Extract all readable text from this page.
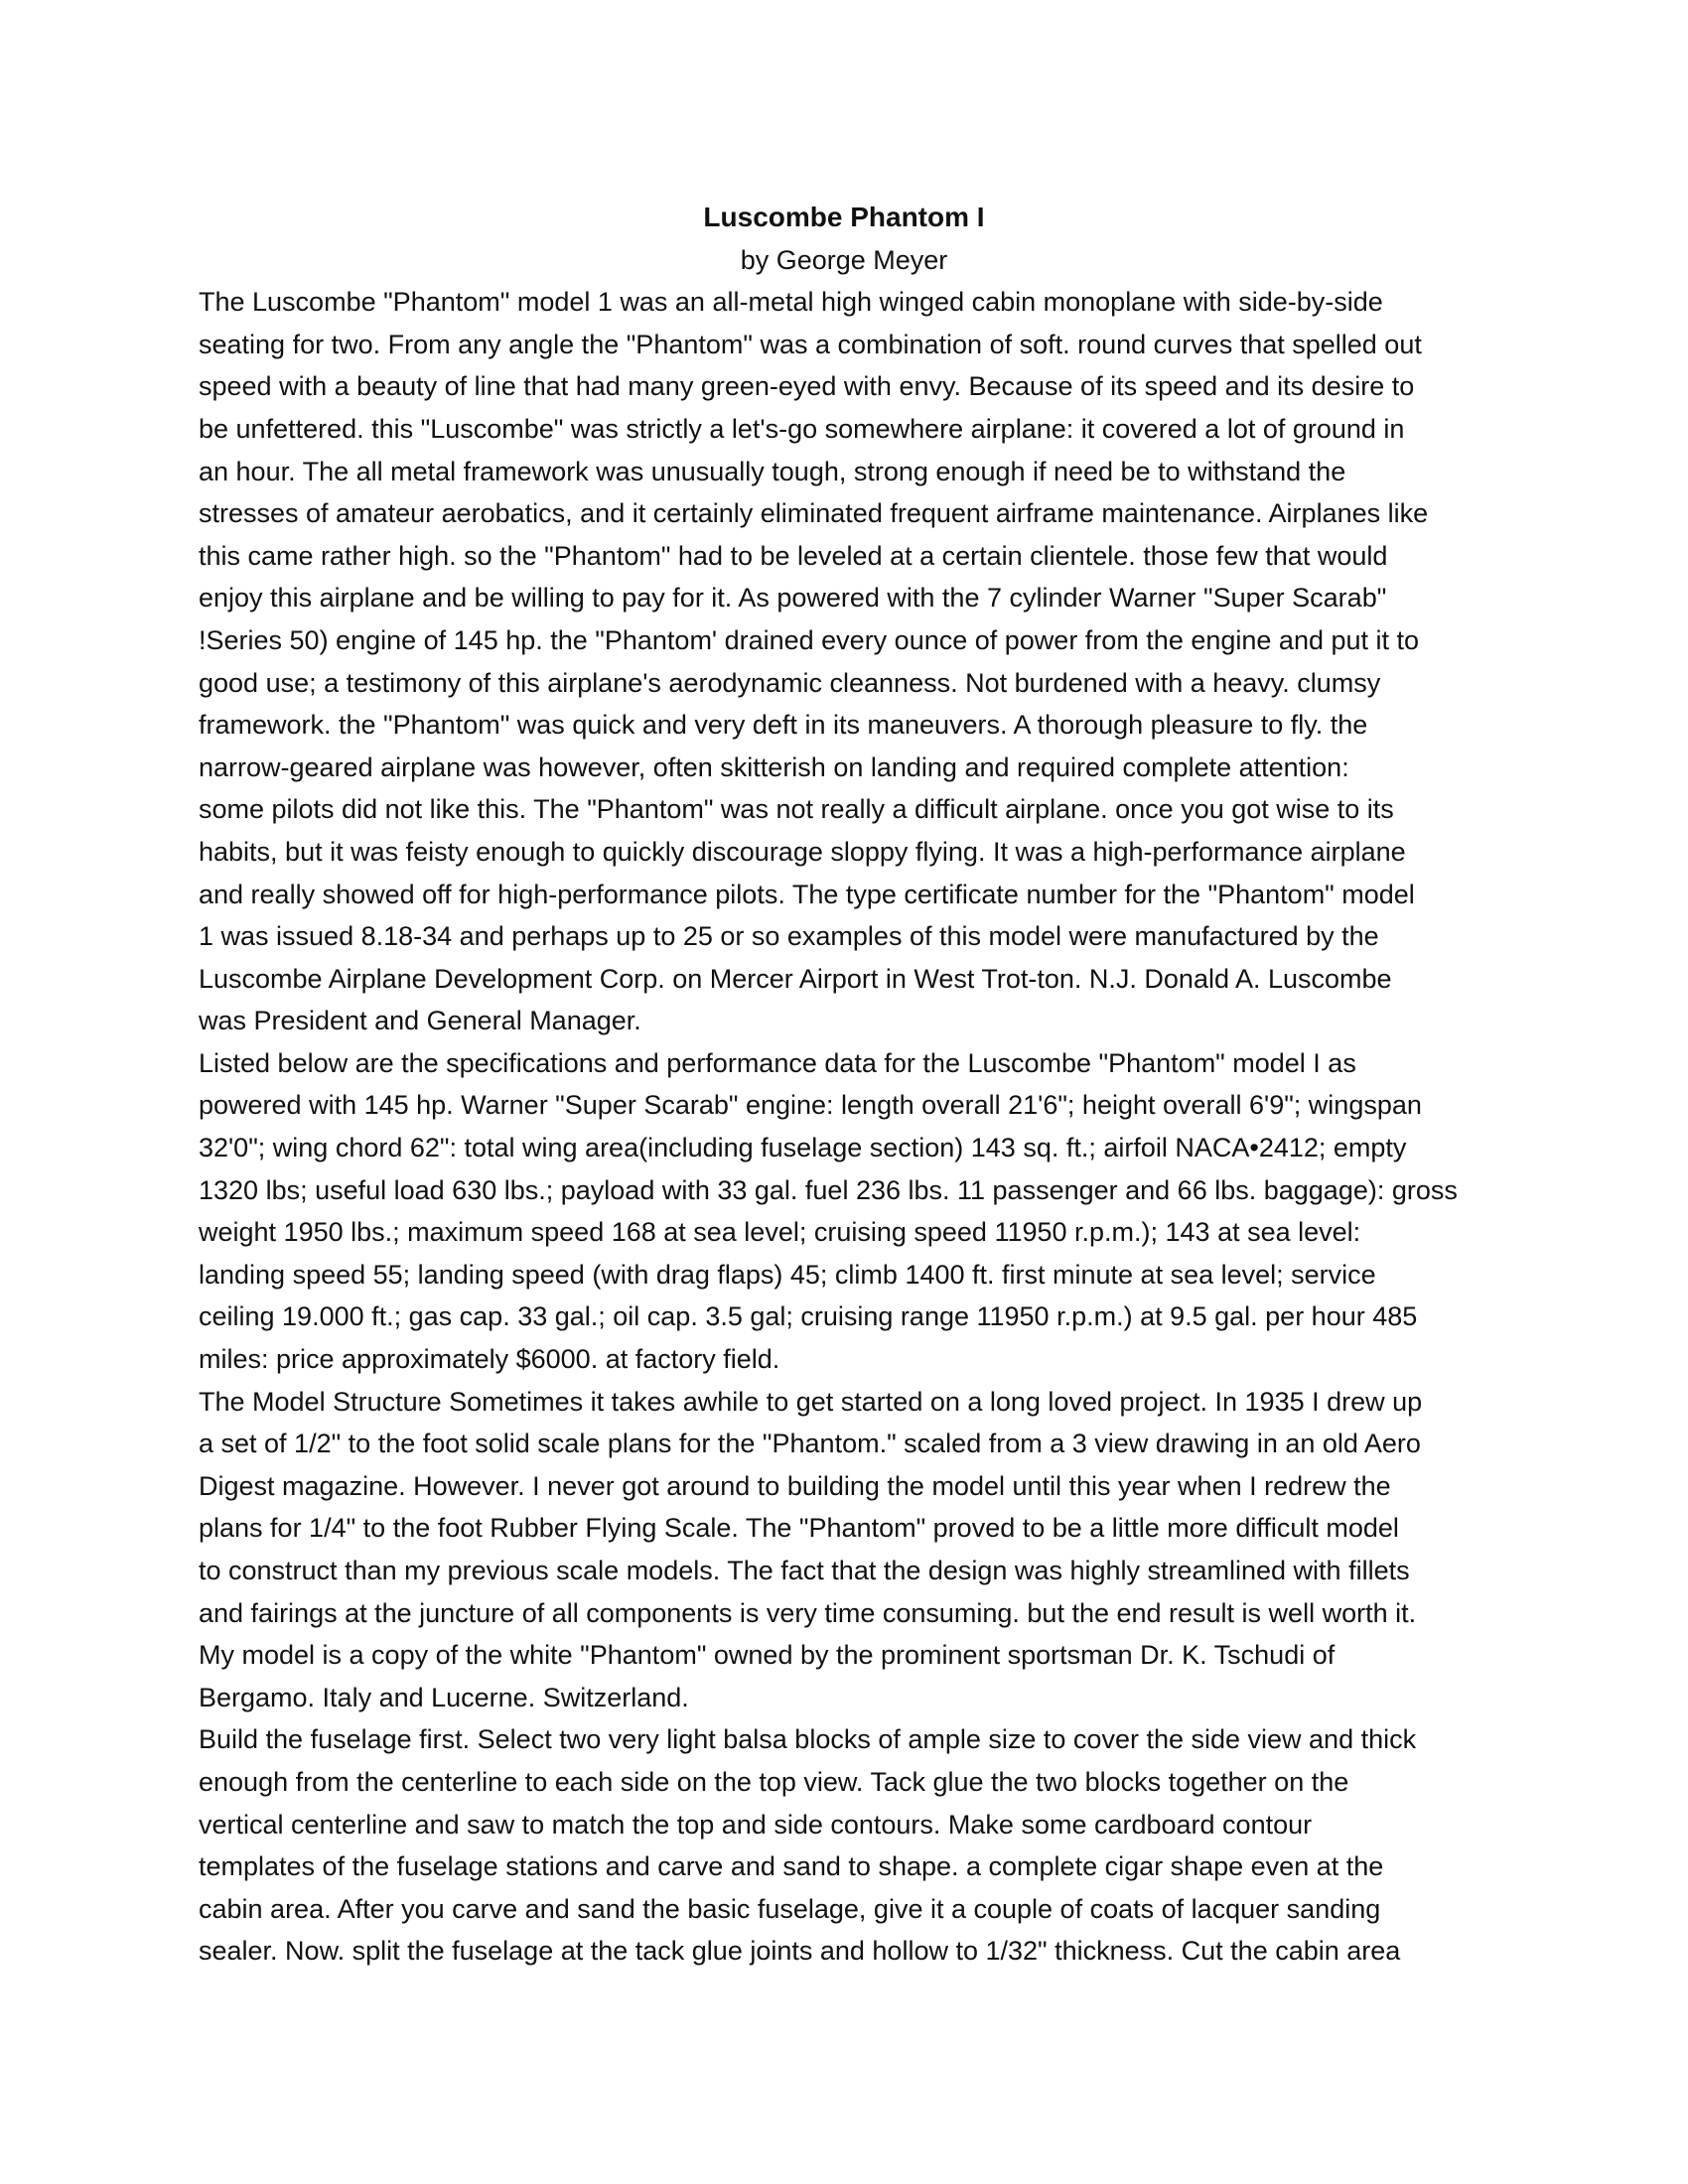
Luscombe Phantom I

by George Meyer

The Luscombe "Phantom" model 1 was an all-metal high winged cabin monoplane with side-by-side
seating for two. From any angle the "Phantom" was a combination of soft. round curves that spelled out
speed with a beauty of line that had many green-eyed with envy. Because of its speed and its desire to
be unfettered. this "Luscombe" was strictly a let's-go somewhere airplane: it covered a lot of ground in
an hour. The all metal framework was unusually tough, strong enough if need be to withstand the
stresses of amateur aerobatics, and it certainly eliminated frequent airframe maintenance. Airplanes like
this came rather high. so the "Phantom" had to be leveled at a certain clientele. those few that would
enjoy this airplane and be willing to pay for it. As powered with the 7 cylinder Warner "Super Scarab"
!Series 50) engine of 145 hp. the "Phantom' drained every ounce of power from the engine and put it to
good use; a testimony of this airplane's aerodynamic cleanness. Not burdened with a heavy. clumsy
framework. the "Phantom" was quick and very deft in its maneuvers. A thorough pleasure to fly. the
narrow-geared airplane was however, often skitterish on landing and required complete attention:
some pilots did not like this. The "Phantom" was not really a difficult airplane. once you got wise to its
habits, but it was feisty enough to quickly discourage sloppy flying. It was a high-performance airplane
and really showed off for high-performance pilots. The type certificate number for the "Phantom" model
1 was issued 8.18-34 and perhaps up to 25 or so examples of this model were manufactured by the
Luscombe Airplane Development Corp. on Mercer Airport in West Trot-ton. N.J. Donald A. Luscombe
was President and General Manager.

Listed below are the specifications and performance data for the Luscombe "Phantom" model I as
powered with 145 hp. Warner "Super Scarab" engine: length overall 21'6"; height overall 6'9"; wingspan
32'0"; wing chord 62": total wing area(including fuselage section) 143 sq. ft.; airfoil NACA•2412; empty
1320 lbs; useful load 630 lbs.; payload with 33 gal. fuel 236 lbs. 11 passenger and 66 lbs. baggage): gross
weight 1950 lbs.; maximum speed 168 at sea level; cruising speed 11950 r.p.m.); 143 at sea level:
landing speed 55; landing speed (with drag flaps) 45; climb 1400 ft. first minute at sea level; service
ceiling 19.000 ft.; gas cap. 33 gal.; oil cap. 3.5 gal; cruising range 11950 r.p.m.) at 9.5 gal. per hour 485
miles: price approximately $6000. at factory field.

The Model Structure Sometimes it takes awhile to get started on a long loved project. In 1935 I drew up
a set of 1/2" to the foot solid scale plans for the "Phantom." scaled from a 3 view drawing in an old Aero
Digest magazine. However. I never got around to building the model until this year when I redrew the
plans for 1/4" to the foot Rubber Flying Scale. The "Phantom" proved to be a little more difficult model
to construct than my previous scale models. The fact that the design was highly streamlined with fillets
and fairings at the juncture of all components is very time consuming. but the end result is well worth it.
My model is a copy of the white "Phantom" owned by the prominent sportsman Dr. K. Tschudi of
Bergamo. Italy and Lucerne. Switzerland.

Build the fuselage first. Select two very light balsa blocks of ample size to cover the side view and thick
enough from the centerline to each side on the top view. Tack glue the two blocks together on the
vertical centerline and saw to match the top and side contours. Make some cardboard contour
templates of the fuselage stations and carve and sand to shape. a complete cigar shape even at the
cabin area. After you carve and sand the basic fuselage, give it a couple of coats of lacquer sanding
sealer. Now. split the fuselage at the tack glue joints and hollow to 1/32" thickness. Cut the cabin area
